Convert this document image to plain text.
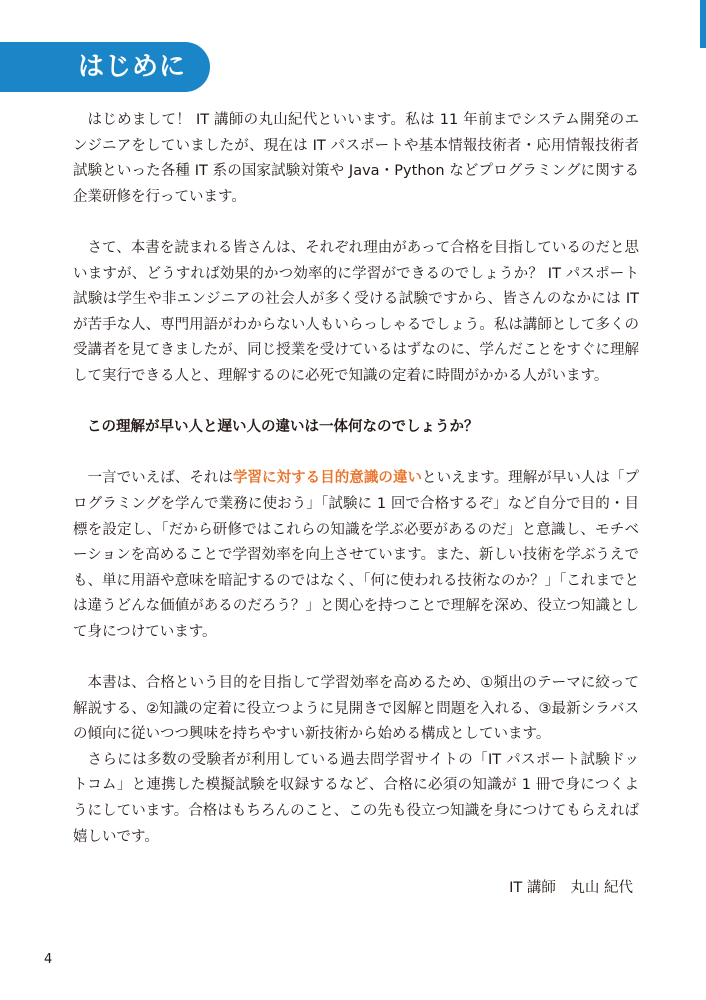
はじめに

はじめまして！ IT 講師の丸山紀代といいます。私は 11 年前までシステム開発のエンジニアをしていましたが、現在は IT パスポートや基本情報技術者・応用情報技術者試験といった各種 IT 系の国家試験対策や Java・Python などプログラミングに関する企業研修を行っています。

さて、本書を読まれる皆さんは、それぞれ理由があって合格を目指しているのだと思いますが、どうすれば効果的かつ効率的に学習ができるのでしょうか？ IT パスポート試験は学生や非エンジニアの社会人が多く受ける試験ですから、皆さんのなかには IT が苦手な人、専門用語がわからない人もいらっしゃるでしょう。私は講師として多くの受講者を見てきましたが、同じ授業を受けているはずなのに、学んだことをすぐに理解して実行できる人と、理解するのに必死で知識の定着に時間がかかる人がいます。

この理解が早い人と遅い人の違いは一体何なのでしょうか？

一言でいえば、それは学習に対する目的意識の違いといえます。理解が早い人は「プログラミングを学んで業務に使おう」「試験に 1 回で合格するぞ」など自分で目的・目標を設定し、「だから研修ではこれらの知識を学ぶ必要があるのだ」と意識し、モチベーションを高めることで学習効率を向上させています。また、新しい技術を学ぶうえでも、単に用語や意味を暗記するのではなく、「何に使われる技術なのか？」「これまでとは違うどんな価値があるのだろう？」と関心を持つことで理解を深め、役立つ知識として身につけています。

本書は、合格という目的を目指して学習効率を高めるため、①頻出のテーマに絞って解説する、②知識の定着に役立つように見開きで図解と問題を入れる、③最新シラバスの傾向に従いつつ興味を持ちやすい新技術から始める構成としています。

さらには多数の受験者が利用している過去問学習サイトの「IT パスポート試験ドットコム」と連携した模擬試験を収録するなど、合格に必須の知識が 1 冊で身につくようにしています。合格はもちろんのこと、この先も役立つ知識を身につけてもらえれば嬉しいです。

IT 講師　丸山 紀代

4
